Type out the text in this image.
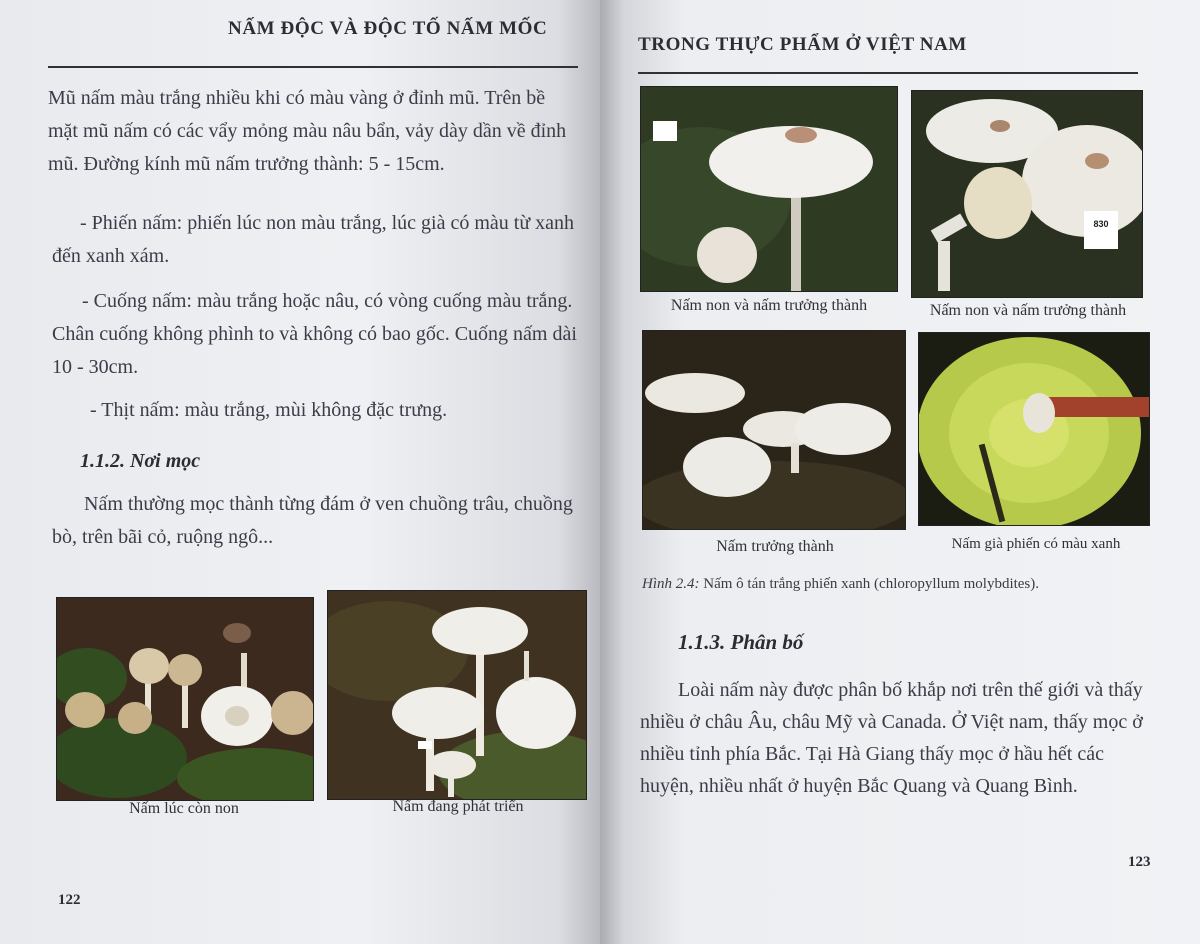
NẤM ĐỘC VÀ ĐỘC TỐ NẤM MỐC

Mũ nấm màu trắng nhiều khi có màu vàng ở đỉnh mũ. Trên bề mặt mũ nấm có các vẩy mỏng màu nâu bẩn, vảy dày dần về đỉnh mũ. Đường kính mũ nấm trưởng thành: 5 - 15cm.

- Phiến nấm: phiến lúc non màu trắng, lúc già có màu từ xanh đến xanh xám.

- Cuống nấm: màu trắng hoặc nâu, có vòng cuống màu trắng. Chân cuống không phình to và không có bao gốc. Cuống nấm dài 10 - 30cm.

- Thịt nấm: màu trắng, mùi không đặc trưng.

1.1.2. Nơi mọc

Nấm thường mọc thành từng đám ở ven chuồng trâu, chuồng bò, trên bãi cỏ, ruộng ngô...

Nấm lúc còn non	Nấm đang phát triển
122
TRONG THỰC PHẨM Ở VIỆT NAM
Nấm non và nấm trưởng thành
830
Nấm non và nấm trưởng thành
Nấm trưởng thành	Nấm già phiến có màu xanh
Hình 2.4: Nấm ô tán trắng phiến xanh (chloropyllum molybdites).

1.1.3. Phân bố

Loài nấm này được phân bố khắp nơi trên thế giới và thấy nhiều ở châu Âu, châu Mỹ và Canada. Ở Việt nam, thấy mọc ở nhiều tỉnh phía Bắc. Tại Hà Giang thấy mọc ở hầu hết các huyện, nhiều nhất ở huyện Bắc Quang và Quang Bình.

123
